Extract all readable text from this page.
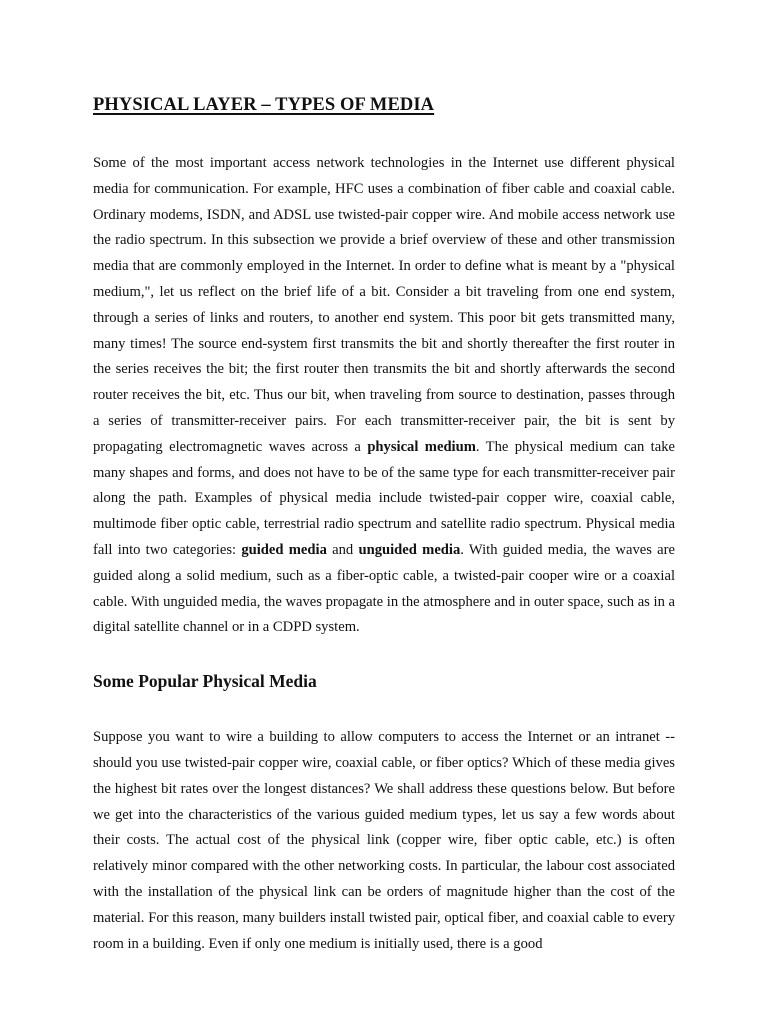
PHYSICAL LAYER – TYPES OF MEDIA

Some of the most important access network technologies in the Internet use different physical media for communication. For example, HFC uses a combination of fiber cable and coaxial cable. Ordinary modems, ISDN, and ADSL use twisted-pair copper wire. And mobile access network use the radio spectrum. In this subsection we provide a brief overview of these and other transmission media that are commonly employed in the Internet. In order to define what is meant by a "physical medium,", let us reflect on the brief life of a bit. Consider a bit traveling from one end system, through a series of links and routers, to another end system. This poor bit gets transmitted many, many times! The source end-system first transmits the bit and shortly thereafter the first router in the series receives the bit; the first router then transmits the bit and shortly afterwards the second router receives the bit, etc. Thus our bit, when traveling from source to destination, passes through a series of transmitter-receiver pairs. For each transmitter-receiver pair, the bit is sent by propagating electromagnetic waves across a physical medium. The physical medium can take many shapes and forms, and does not have to be of the same type for each transmitter-receiver pair along the path. Examples of physical media include twisted-pair copper wire, coaxial cable, multimode fiber optic cable, terrestrial radio spectrum and satellite radio spectrum. Physical media fall into two categories: guided media and unguided media. With guided media, the waves are guided along a solid medium, such as a fiber-optic cable, a twisted-pair cooper wire or a coaxial cable. With unguided media, the waves propagate in the atmosphere and in outer space, such as in a digital satellite channel or in a CDPD system.

Some Popular Physical Media

Suppose you want to wire a building to allow computers to access the Internet or an intranet -- should you use twisted-pair copper wire, coaxial cable, or fiber optics? Which of these media gives the highest bit rates over the longest distances? We shall address these questions below. But before we get into the characteristics of the various guided medium types, let us say a few words about their costs. The actual cost of the physical link (copper wire, fiber optic cable, etc.) is often relatively minor compared with the other networking costs. In particular, the labour cost associated with the installation of the physical link can be orders of magnitude higher than the cost of the material. For this reason, many builders install twisted pair, optical fiber, and coaxial cable to every room in a building. Even if only one medium is initially used, there is a good
